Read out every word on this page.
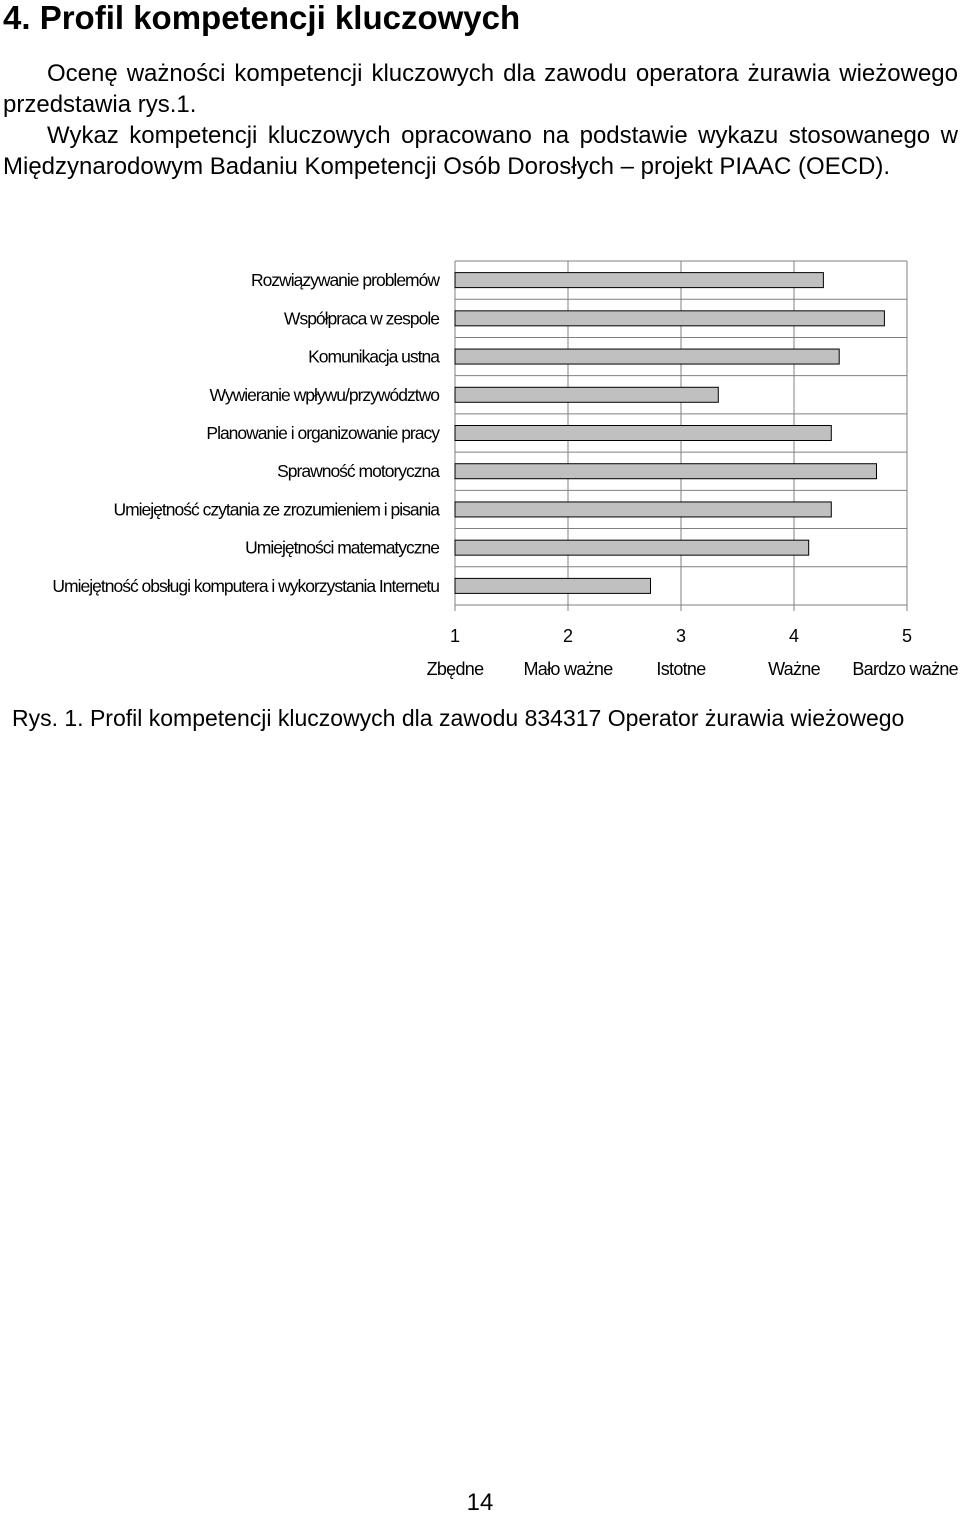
4. Profil kompetencji kluczowych

Ocenę ważności kompetencji kluczowych dla zawodu operatora żurawia wieżowego przedstawia rys.1.

Wykaz kompetencji kluczowych opracowano na podstawie wykazu stosowanego w Międzynarodowym Badaniu Kompetencji Osób Dorosłych – projekt PIAAC (OECD).

Rozwiązywanie problemów
Współpraca w zespole
Komunikacja ustna
Wywieranie wpływu/przywództwo
Planowanie i organizowanie pracy
Sprawność motoryczna
Umiejętność czytania ze zrozumieniem i pisania
Umiejętności matematyczne
Umiejętność obsługi komputera i wykorzystania Internetu
1
Zbędne
2
Mało ważne
3
Istotne
4
Ważne
5
Bardzo ważne

Rys. 1. Profil kompetencji kluczowych dla zawodu 834317 Operator żurawia wieżowego

14
